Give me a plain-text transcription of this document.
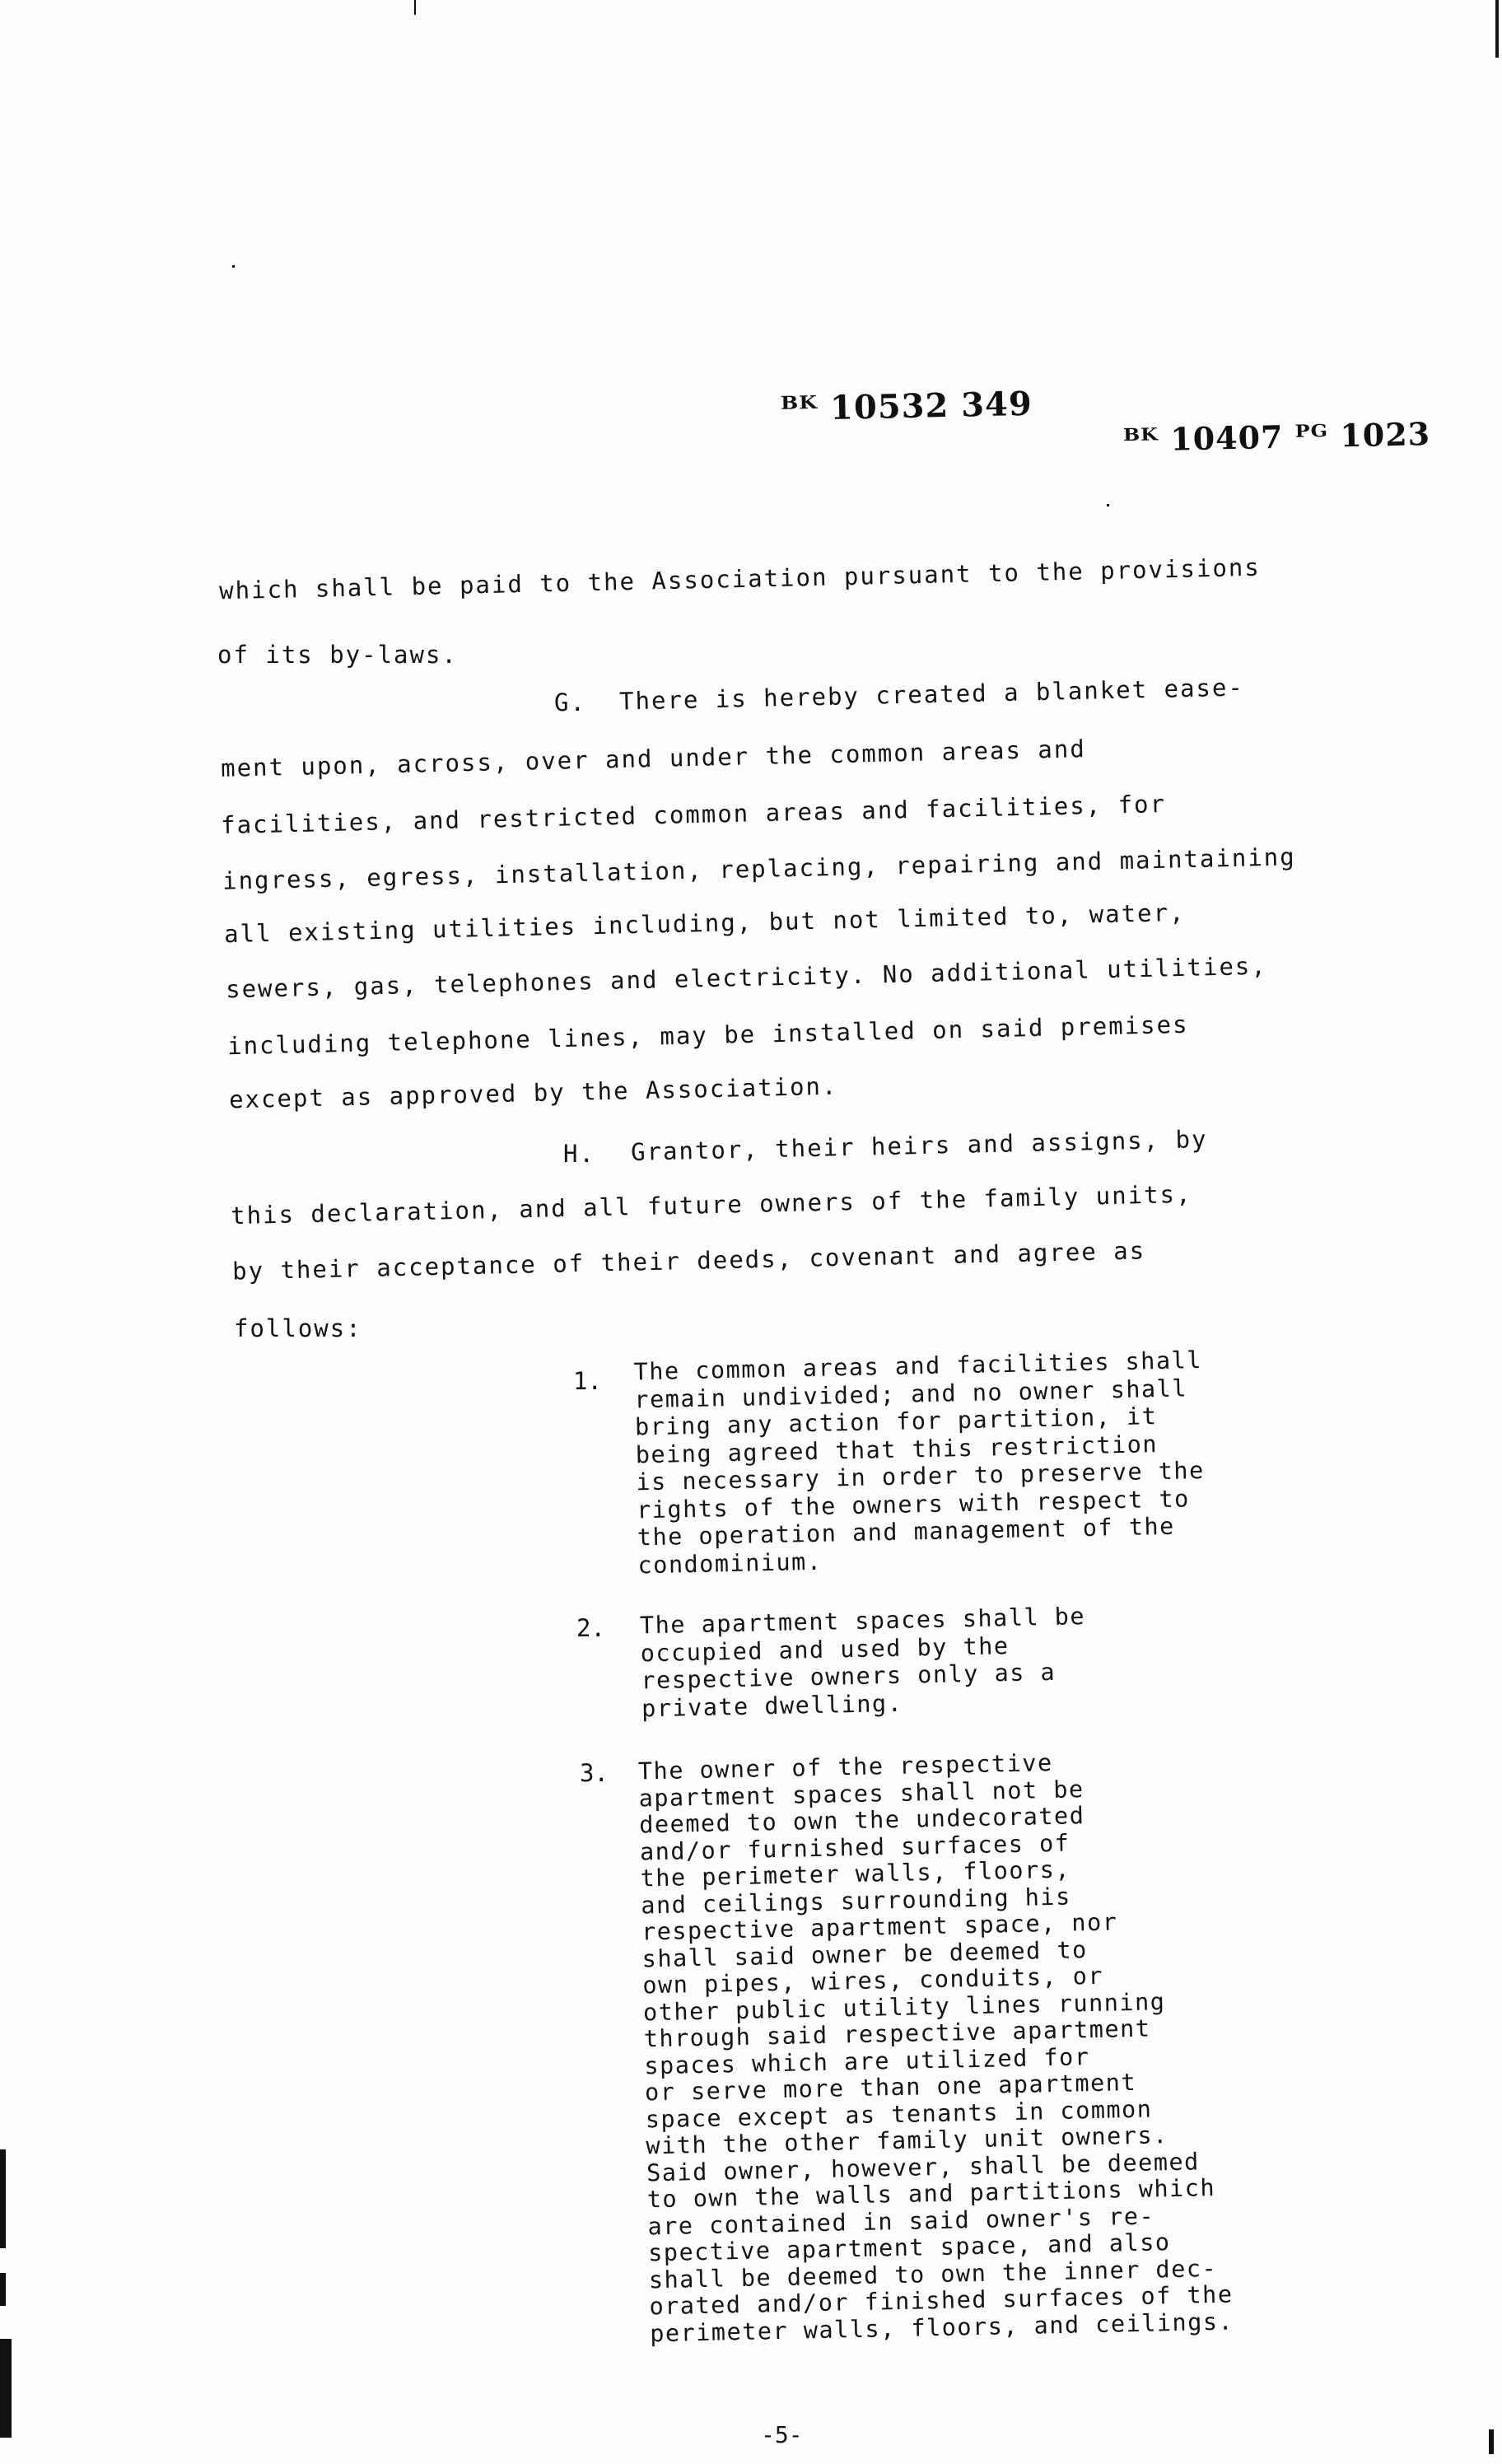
ᴮᴷ 10532 349
ᴮᴷ 10407 ᴾᴳ 1023
which shall be paid to the Association pursuant to the provisions
of its by-laws.
G. There is hereby created a blanket ease-
ment upon, across, over and under the common areas and
facilities, and restricted common areas and facilities, for
ingress, egress, installation, replacing, repairing and maintaining
all existing utilities including, but not limited to, water,
sewers, gas, telephones and electricity. No additional utilities,
including telephone lines, may be installed on said premises
except as approved by the Association.
H. Grantor, their heirs and assigns, by
this declaration, and all future owners of the family units,
by their acceptance of their deeds, covenant and agree as
follows:
1. The common areas and facilities shall
remain undivided; and no owner shall
bring any action for partition, it
being agreed that this restriction
is necessary in order to preserve the
rights of the owners with respect to
the operation and management of the
condominium.
2. The apartment spaces shall be
occupied and used by the
respective owners only as a
private dwelling.
3. The owner of the respective
apartment spaces shall not be
deemed to own the undecorated
and/or furnished surfaces of
the perimeter walls, floors,
and ceilings surrounding his
respective apartment space, nor
shall said owner be deemed to
own pipes, wires, conduits, or
other public utility lines running
through said respective apartment
spaces which are utilized for
or serve more than one apartment
space except as tenants in common
with the other family unit owners.
Said owner, however, shall be deemed
to own the walls and partitions which
are contained in said owner's re-
spective apartment space, and also
shall be deemed to own the inner dec-
orated and/or finished surfaces of the
perimeter walls, floors, and ceilings.
-5-
